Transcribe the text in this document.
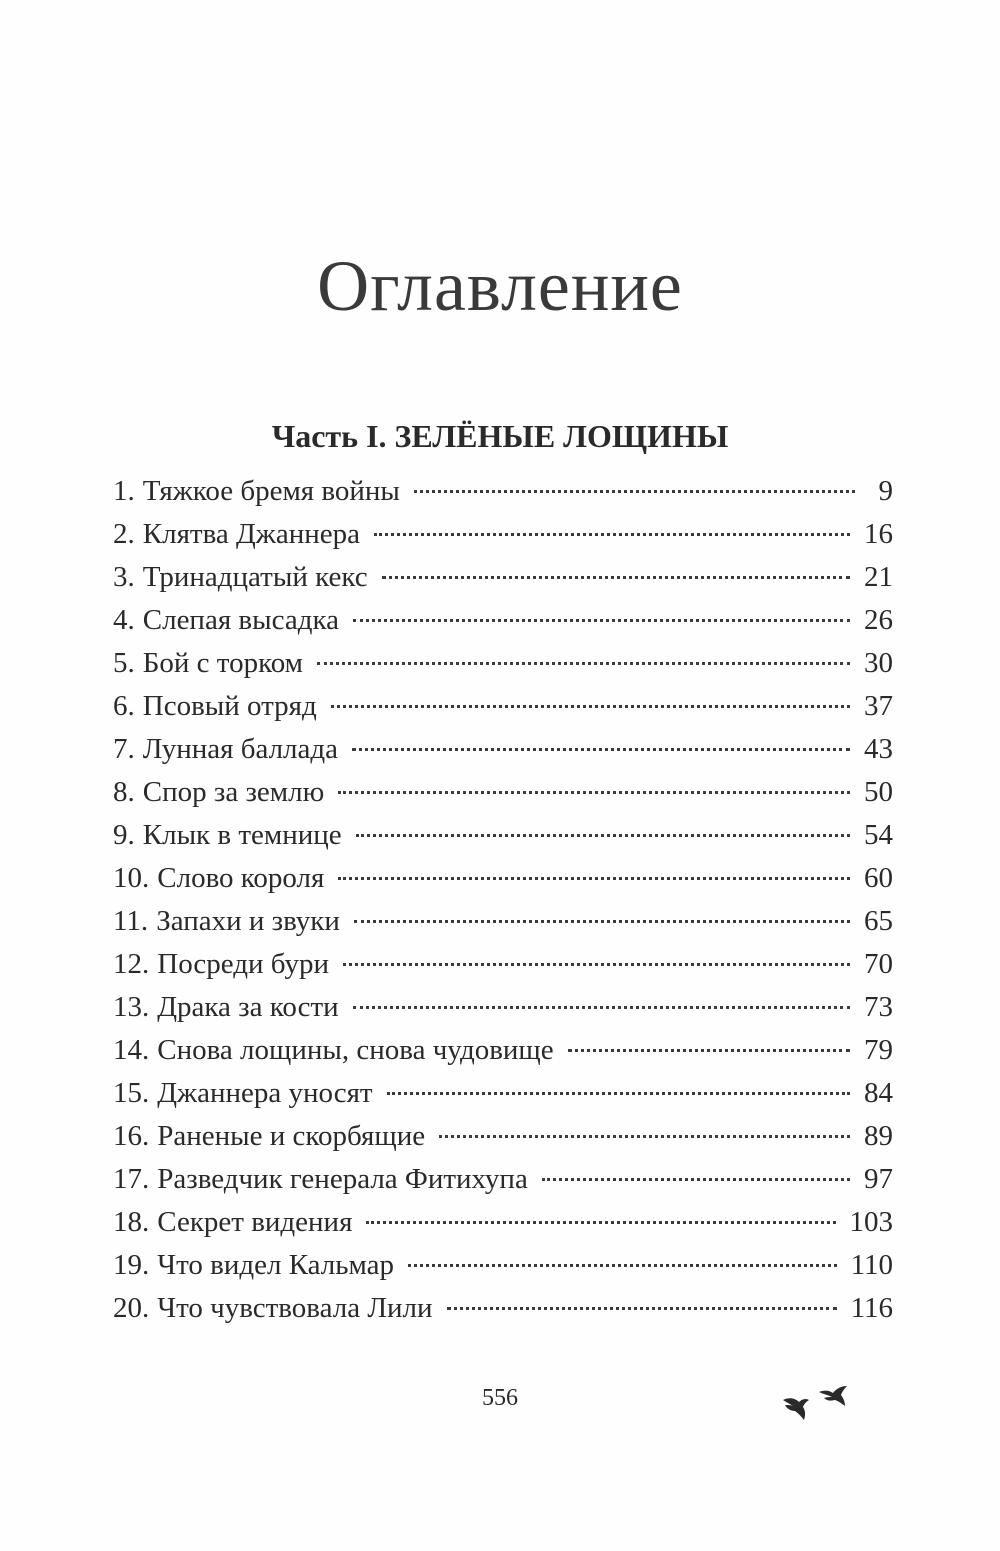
Оглавление
Часть I. ЗЕЛЁНЫЕ ЛОЩИНЫ
1. Тяжкое бремя войны	9
2. Клятва Джаннера	16
3. Тринадцатый кекс	21
4. Слепая высадка	26
5. Бой с торком	30
6. Псовый отряд	37
7. Лунная баллада	43
8. Спор за землю	50
9. Клык в темнице	54
10. Слово короля	60
11. Запахи и звуки	65
12. Посреди бури	70
13. Драка за кости	73
14. Снова лощины, снова чудовище	79
15. Джаннера уносят	84
16. Раненые и скорбящие	89
17. Разведчик генерала Фитихупа	97
18. Секрет видения	103
19. Что видел Кальмар	110
20. Что чувствовала Лили	116
556
